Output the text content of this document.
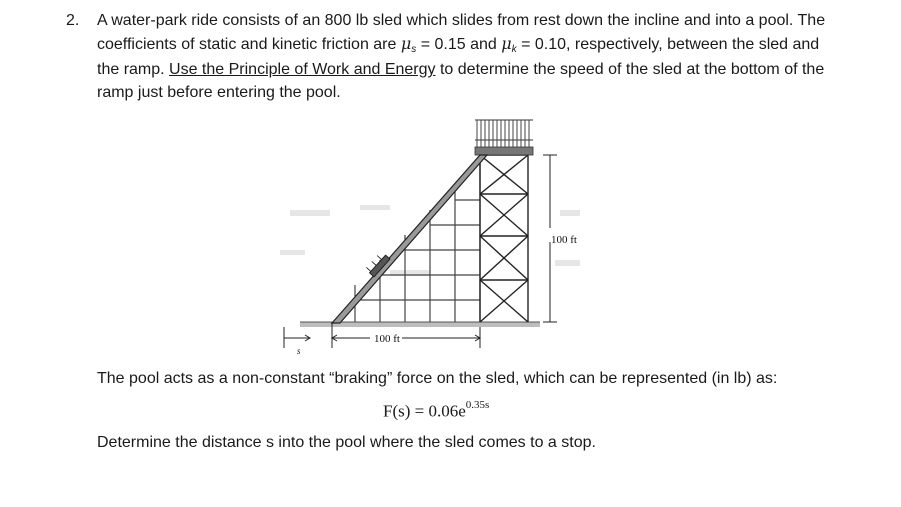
2. A water-park ride consists of an 800 lb sled which slides from rest down the incline and into a pool. The coefficients of static and kinetic friction are μs = 0.15 and μk = 0.10, respectively, between the sled and the ramp. Use the Principle of Work and Energy to determine the speed of the sled at the bottom of the ramp just before entering the pool.
100 ft
100 ft
s
The pool acts as a non-constant “braking” force on the sled, which can be represented (in lb) as:
$F(s) = 0.06e^{0.35s}$
Determine the distance s into the pool where the sled comes to a stop.
